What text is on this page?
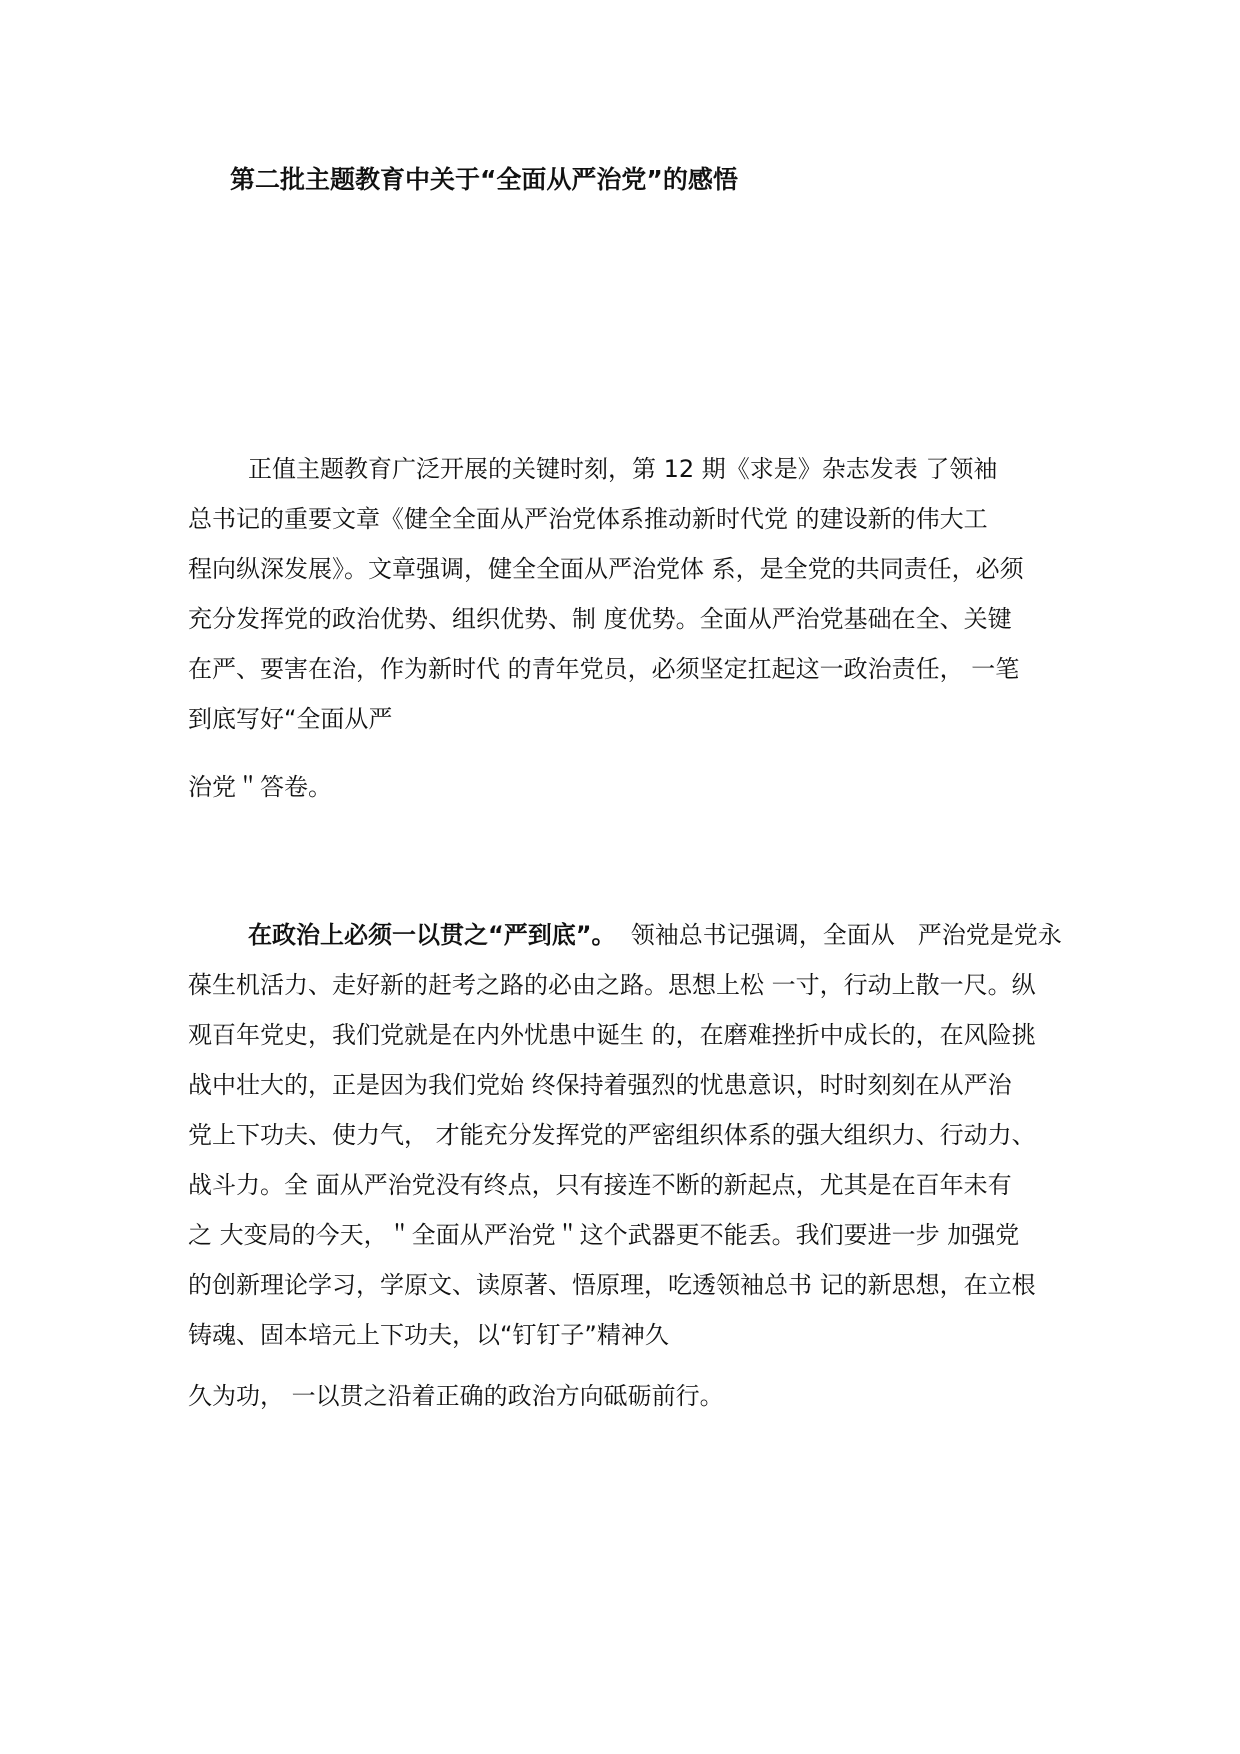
第二批主题教育中关于“全面从严治党”的感悟
正值主题教育广泛开展的关键时刻，第 12 期《求是》杂志发表 了领袖
总书记的重要文章《健全全面从严治党体系推动新时代党 的建设新的伟大工
程向纵深发展》。文章强调，健全全面从严治党体 系，是全党的共同责任，必须
充分发挥党的政治优势、组织优势、制 度优势。全面从严治党基础在全、关键
在严、要害在治，作为新时代 的青年党员，必须坚定扛起这一政治责任， 一笔
到底写好“全面从严
治党＂答卷。
在政治上必须一以贯之“严到底”。  领袖总书记强调，全面从   严治党是党永
葆生机活力、走好新的赶考之路的必由之路。思想上松 一寸，行动上散一尺。纵
观百年党史，我们党就是在内外忧患中诞生 的，在磨难挫折中成长的，在风险挑
战中壮大的，正是因为我们党始 终保持着强烈的忧患意识，时时刻刻在从严治
党上下功夫、使力气， 才能充分发挥党的严密组织体系的强大组织力、行动力、
战斗力。全 面从严治党没有终点，只有接连不断的新起点，尤其是在百年未有
之 大变局的今天，＂全面从严治党＂这个武器更不能丢。我们要进一步 加强党
的创新理论学习，学原文、读原著、悟原理，吃透领袖总书 记的新思想，在立根
铸魂、固本培元上下功夫，以“钉钉子”精神久
久为功， 一以贯之沿着正确的政治方向砥砺前行。
